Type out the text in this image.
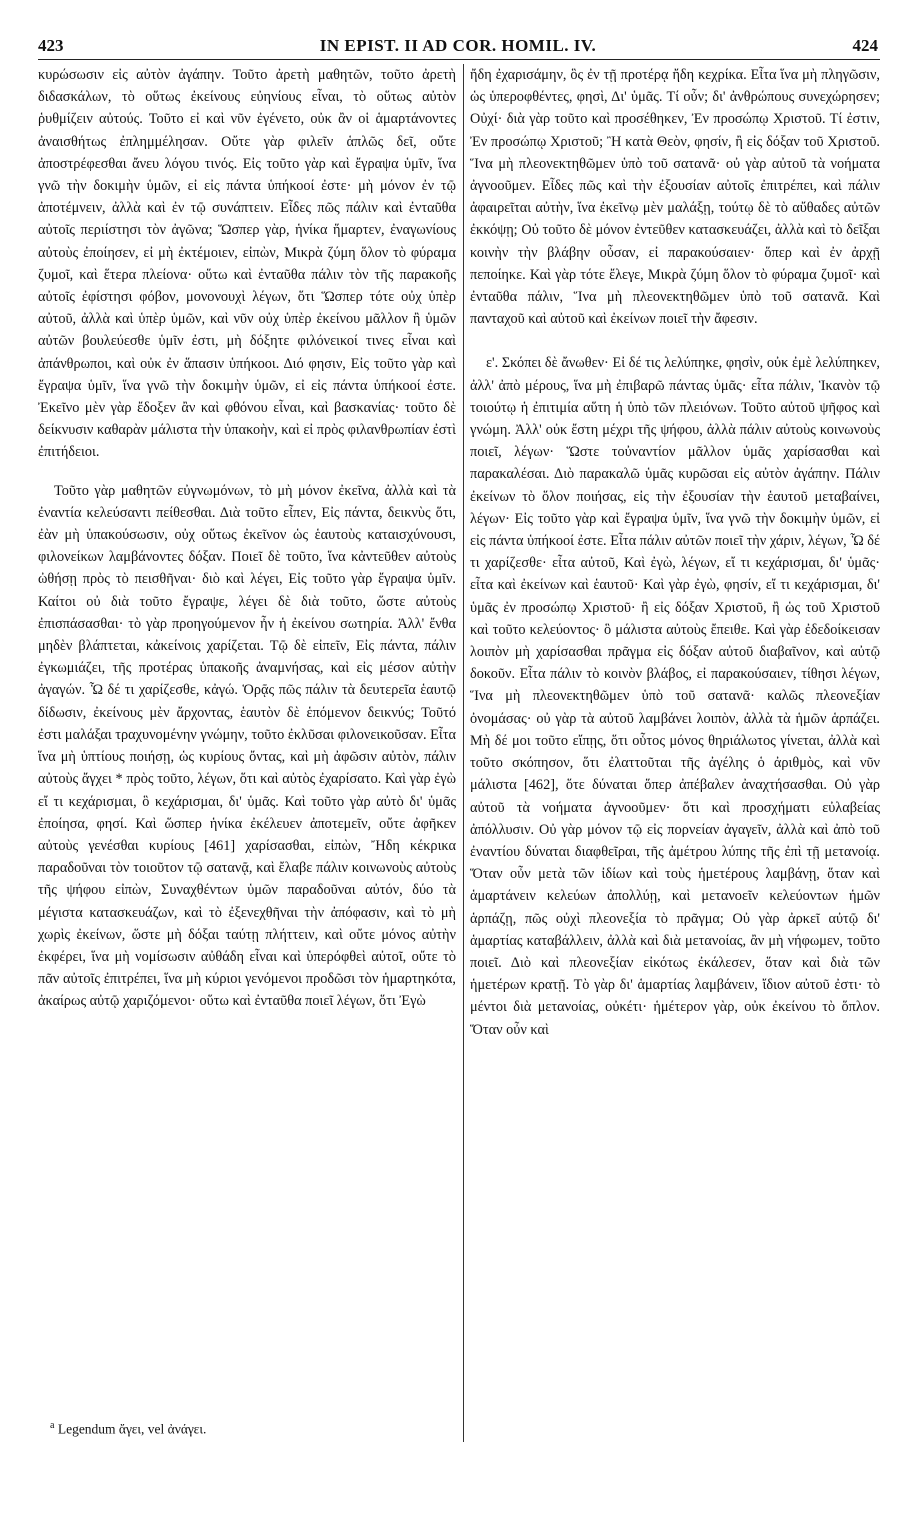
423	IN EPIST. II AD COR. HOMIL. IV.	424

κυρώσωσιν εἰς αὐτὸν ἀγάπην. Τοῦτο ἀρετὴ μαθητῶν, τοῦτο ἀρετὴ διδασκάλων, τὸ οὕτως ἐκείνους εὐηνίους εἶναι, τὸ οὕτως αὐτὸν ῥυθμίζειν αὐτούς. Τοῦτο εἰ καὶ νῦν ἐγένετο, οὐκ ἂν οἱ ἁμαρτάνοντες ἀναισθήτως ἐπλημμέλησαν. Οὔτε γὰρ φιλεῖν ἁπλῶς δεῖ, οὔτε ἀποστρέφεσθαι ἄνευ λόγου τινός. Εἰς τοῦτο γὰρ καὶ ἔγραψα ὑμῖν, ἵνα γνῶ τὴν δοκιμὴν ὑμῶν, εἰ εἰς πάντα ὑπήκοοί ἐστε· μὴ μόνον ἐν τῷ ἀποτέμνειν, ἀλλὰ καὶ ἐν τῷ συνάπτειν. Εἶδες πῶς πάλιν καὶ ἐνταῦθα αὐτοῖς περιίστησι τὸν ἀγῶνα; Ὥσπερ γὰρ, ἡνίκα ἥμαρτεν, ἐναγωνίους αὐτοὺς ἐποίησεν, εἰ μὴ ἐκτέμοιεν, εἰπὼν, Μικρὰ ζύμη ὅλον τὸ φύραμα ζυμοῖ, καὶ ἕτερα πλείονα· οὕτω καὶ ἐνταῦθα πάλιν τὸν τῆς παρακοῆς αὐτοῖς ἐφίστησι φόβον, μονονουχὶ λέγων, ὅτι Ὥσπερ τότε οὐχ ὑπὲρ αὐτοῦ, ἀλλὰ καὶ ὑπὲρ ὑμῶν, καὶ νῦν οὐχ ὑπὲρ ἐκείνου μᾶλλον ἢ ὑμῶν αὐτῶν βουλεύεσθε ὑμῖν ἐστι, μὴ δόξητε φιλόνεικοί τινες εἶναι καὶ ἀπάνθρωποι, καὶ οὐκ ἐν ἅπασιν ὑπήκοοι. Διό φησιν, Εἰς τοῦτο γὰρ καὶ ἔγραψα ὑμῖν, ἵνα γνῶ τὴν δοκιμὴν ὑμῶν, εἰ εἰς πάντα ὑπήκοοί ἐστε. Ἐκεῖνο μὲν γὰρ ἔδοξεν ἂν καὶ φθόνου εἶναι, καὶ βασκανίας· τοῦτο δὲ δείκνυσιν καθαρὰν μάλιστα τὴν ὑπακοὴν, καὶ εἰ πρὸς φιλανθρωπίαν ἐστὶ ἐπιτήδειοι.

Τοῦτο γὰρ μαθητῶν εὐγνωμόνων, τὸ μὴ μόνον ἐκεῖνα, ἀλλὰ καὶ τὰ ἐναντία κελεύσαντι πείθεσθαι. Διὰ τοῦτο εἶπεν, Εἰς πάντα, δεικνὺς ὅτι, ἐὰν μὴ ὑπακούσωσιν, οὐχ οὕτως ἐκεῖνον ὡς ἑαυτοὺς καταισχύνουσι, φιλονείκων λαμβάνοντες δόξαν. Ποιεῖ δὲ τοῦτο, ἵνα κἀντεῦθεν αὐτοὺς ὠθήσῃ πρὸς τὸ πεισθῆναι· διὸ καὶ λέγει, Εἰς τοῦτο γὰρ ἔγραψα ὑμῖν. Καίτοι οὐ διὰ τοῦτο ἔγραψε, λέγει δὲ διὰ τοῦτο, ὥστε αὐτοὺς ἐπισπάσασθαι· τὸ γὰρ προηγούμενον ἦν ἡ ἐκείνου σωτηρία. Ἀλλ' ἔνθα μηδὲν βλάπτεται, κἀκείνοις χαρίζεται. Τῷ δὲ εἰπεῖν, Εἰς πάντα, πάλιν ἐγκωμιάζει, τῆς προτέρας ὑπακοῆς ἀναμνήσας, καὶ εἰς μέσον αὐτὴν ἀγαγών. Ὧ δέ τι χαρίζεσθε, κἀγώ. Ὁρᾷς πῶς πάλιν τὰ δευτερεῖα ἑαυτῷ δίδωσιν, ἐκείνους μὲν ἄρχοντας, ἑαυτὸν δὲ ἑπόμενον δεικνύς; Τοῦτό ἐστι μαλάξαι τραχυνομένην γνώμην, τοῦτο ἐκλῦσαι φιλονεικοῦσαν. Εἶτα ἵνα μὴ ὑπτίους ποιήσῃ, ὡς κυρίους ὄντας, καὶ μὴ ἀφῶσιν αὐτὸν, πάλιν αὐτοὺς ἄγχει * πρὸς τοῦτο, λέγων, ὅτι καὶ αὐτὸς ἐχαρίσατο. Καὶ γὰρ ἐγὼ εἴ τι κεχάρισμαι, ὃ κεχάρισμαι, δι' ὑμᾶς. Καὶ τοῦτο γὰρ αὐτὸ δι' ὑμᾶς ἐποίησα, φησί. Καὶ ὥσπερ ἡνίκα ἐκέλευεν ἀποτεμεῖν, οὔτε ἀφῆκεν αὐτοὺς γενέσθαι κυρίους [461] χαρίσασθαι, εἰπὼν, Ἤδη κέκρικα παραδοῦναι τὸν τοιοῦτον τῷ σατανᾷ, καὶ ἔλαβε πάλιν κοινωνοὺς αὐτοὺς τῆς ψήφου εἰπὼν, Συναχθέντων ὑμῶν παραδοῦναι αὐτόν, δύο τὰ μέγιστα κατασκευάζων, καὶ τὸ ἐξενεχθῆναι τὴν ἀπόφασιν, καὶ τὸ μὴ χωρὶς ἐκείνων, ὥστε μὴ δόξαι ταύτῃ πλήττειν, καὶ οὔτε μόνος αὐτὴν ἐκφέρει, ἵνα μὴ νομίσωσιν αὐθάδη εἶναι καὶ ὑπερόφθεὶ αὐτοῖ, οὔτε τὸ πᾶν αὐτοῖς ἐπιτρέπει, ἵνα μὴ κύριοι γενόμενοι προδῶσι τὸν ἡμαρτηκότα, ἀκαίρως αὐτῷ χαριζόμενοι· οὕτω καὶ ἐνταῦθα ποιεῖ λέγων, ὅτι Ἐγὼ

ἤδη ἐχαρισάμην, ὃς ἐν τῇ προτέρᾳ ἤδη κεχρίκα. Εἶτα ἵνα μὴ πληγῶσιν, ὡς ὑπεροφθέντες, φησὶ, Δι' ὑμᾶς. Τί οὖν; δι' ἀνθρώπους συνεχώρησεν; Οὐχί· διὰ γὰρ τοῦτο καὶ προσέθηκεν, Ἐν προσώπῳ Χριστοῦ. Τί ἐστιν, Ἐν προσώπῳ Χριστοῦ; Ἢ κατὰ Θεὸν, φησίν, ἢ εἰς δόξαν τοῦ Χριστοῦ. Ἵνα μὴ πλεονεκτηθῶμεν ὑπὸ τοῦ σατανᾶ· οὐ γὰρ αὐτοῦ τὰ νοήματα ἀγνοοῦμεν. Εἶδες πῶς καὶ τὴν ἐξουσίαν αὐτοῖς ἐπιτρέπει, καὶ πάλιν ἀφαιρεῖται αὐτὴν, ἵνα ἐκεῖνῳ μὲν μαλάξῃ, τούτῳ δὲ τὸ αὔθαδες αὐτῶν ἐκκόψῃ; Οὐ τοῦτο δὲ μόνον ἐντεῦθεν κατασκευάζει, ἀλλὰ καὶ τὸ δεῖξαι κοινὴν τὴν βλάβην οὖσαν, εἰ παρακούσαιεν· ὅπερ καὶ ἐν ἀρχῇ πεποίηκε. Καὶ γὰρ τότε ἔλεγε, Μικρὰ ζύμη ὅλον τὸ φύραμα ζυμοῖ· καὶ ἐνταῦθα πάλιν, Ἵνα μὴ πλεονεκτηθῶμεν ὑπὸ τοῦ σατανᾶ. Καὶ πανταχοῦ καὶ αὐτοῦ καὶ ἐκείνων ποιεῖ τὴν ἄφεσιν.

ε'. Σκόπει δὲ ἄνωθεν· Εἰ δέ τις λελύπηκε, φησὶν, οὐκ ἐμὲ λελύπηκεν, ἀλλ' ἀπὸ μέρους, ἵνα μὴ ἐπιβαρῶ πάντας ὑμᾶς· εἶτα πάλιν, Ἱκανὸν τῷ τοιούτῳ ἡ ἐπιτιμία αὕτη ἡ ὑπὸ τῶν πλειόνων. Τοῦτο αὐτοῦ ψῆφος καὶ γνώμη. Ἀλλ' οὐκ ἔστη μέχρι τῆς ψήφου, ἀλλὰ πάλιν αὐτοὺς κοινωνοὺς ποιεῖ, λέγων· Ὥστε τοὐναντίον μᾶλλον ὑμᾶς χαρίσασθαι καὶ παρακαλέσαι. Διὸ παρακαλῶ ὑμᾶς κυρῶσαι εἰς αὐτὸν ἀγάπην. Πάλιν ἐκείνων τὸ ὅλον ποιήσας, εἰς τὴν ἐξουσίαν τὴν ἑαυτοῦ μεταβαίνει, λέγων· Εἰς τοῦτο γὰρ καὶ ἔγραψα ὑμῖν, ἵνα γνῶ τὴν δοκιμὴν ὑμῶν, εἰ εἰς πάντα ὑπήκοοί ἐστε. Εἶτα πάλιν αὐτῶν ποιεῖ τὴν χάριν, λέγων, Ὧ δέ τι χαρίζεσθε· εἶτα αὐτοῦ, Καὶ ἐγὼ, λέγων, εἴ τι κεχάρισμαι, δι' ὑμᾶς· εἶτα καὶ ἐκείνων καὶ ἑαυτοῦ· Καὶ γὰρ ἐγὼ, φησίν, εἴ τι κεχάρισμαι, δι' ὑμᾶς ἐν προσώπῳ Χριστοῦ· ἢ εἰς δόξαν Χριστοῦ, ἢ ὡς τοῦ Χριστοῦ καὶ τοῦτο κελεύοντος· ὃ μάλιστα αὐτοὺς ἔπειθε. Καὶ γὰρ ἐδεδοίκεισαν λοιπὸν μὴ χαρίσασθαι πρᾶγμα εἰς δόξαν αὐτοῦ διαβαῖνον, καὶ αὐτῷ δοκοῦν. Εἶτα πάλιν τὸ κοινὸν βλάβος, εἰ παρακούσαιεν, τίθησι λέγων, Ἵνα μὴ πλεονεκτηθῶμεν ὑπὸ τοῦ σατανᾶ· καλῶς πλεονεξίαν ὀνομάσας· οὐ γὰρ τὰ αὐτοῦ λαμβάνει λοιπὸν, ἀλλὰ τὰ ἡμῶν ἁρπάζει. Μὴ δέ μοι τοῦτο εἴπῃς, ὅτι οὗτος μόνος θηριάλωτος γίνεται, ἀλλὰ καὶ τοῦτο σκόπησον, ὅτι ἐλαττοῦται τῆς ἀγέλης ὁ ἀριθμὸς, καὶ νῦν μάλιστα [462], ὅτε δύναται ὅπερ ἀπέβαλεν ἀναχτήσασθαι. Οὐ γὰρ αὐτοῦ τὰ νοήματα ἀγνοοῦμεν· ὅτι καὶ προσχήματι εὐλαβείας ἀπόλλυσιν. Οὐ γὰρ μόνον τῷ εἰς πορνείαν ἀγαγεῖν, ἀλλὰ καὶ ἀπὸ τοῦ ἐναντίου δύναται διαφθεῖραι, τῆς ἀμέτρου λύπης τῆς ἐπὶ τῇ μετανοίᾳ. Ὅταν οὖν μετὰ τῶν ἰδίων καὶ τοὺς ἡμετέρους λαμβάνῃ, ὅταν καὶ ἁμαρτάνειν κελεύων ἀπολλύῃ, καὶ μετανοεῖν κελεύοντων ἡμῶν ἁρπάζῃ, πῶς οὐχὶ πλεονεξία τὸ πρᾶγμα; Οὐ γὰρ ἀρκεῖ αὐτῷ δι' ἁμαρτίας καταβάλλειν, ἀλλὰ καὶ διὰ μετανοίας, ἂν μὴ νήφωμεν, τοῦτο ποιεῖ. Διὸ καὶ πλεονεξίαν εἰκότως ἐκάλεσεν, ὅταν καὶ διὰ τῶν ἡμετέρων κρατῇ. Τὸ γὰρ δι' ἁμαρτίας λαμβάνειν, ἴδιον αὐτοῦ ἐστι· τὸ μέντοι διὰ μετανοίας, οὐκέτι· ἡμέτερον γὰρ, οὐκ ἐκείνου τὸ ὅπλον. Ὅταν οὖν καὶ

$^a$ Legendum ἄγει, vel ἀνάγει.
